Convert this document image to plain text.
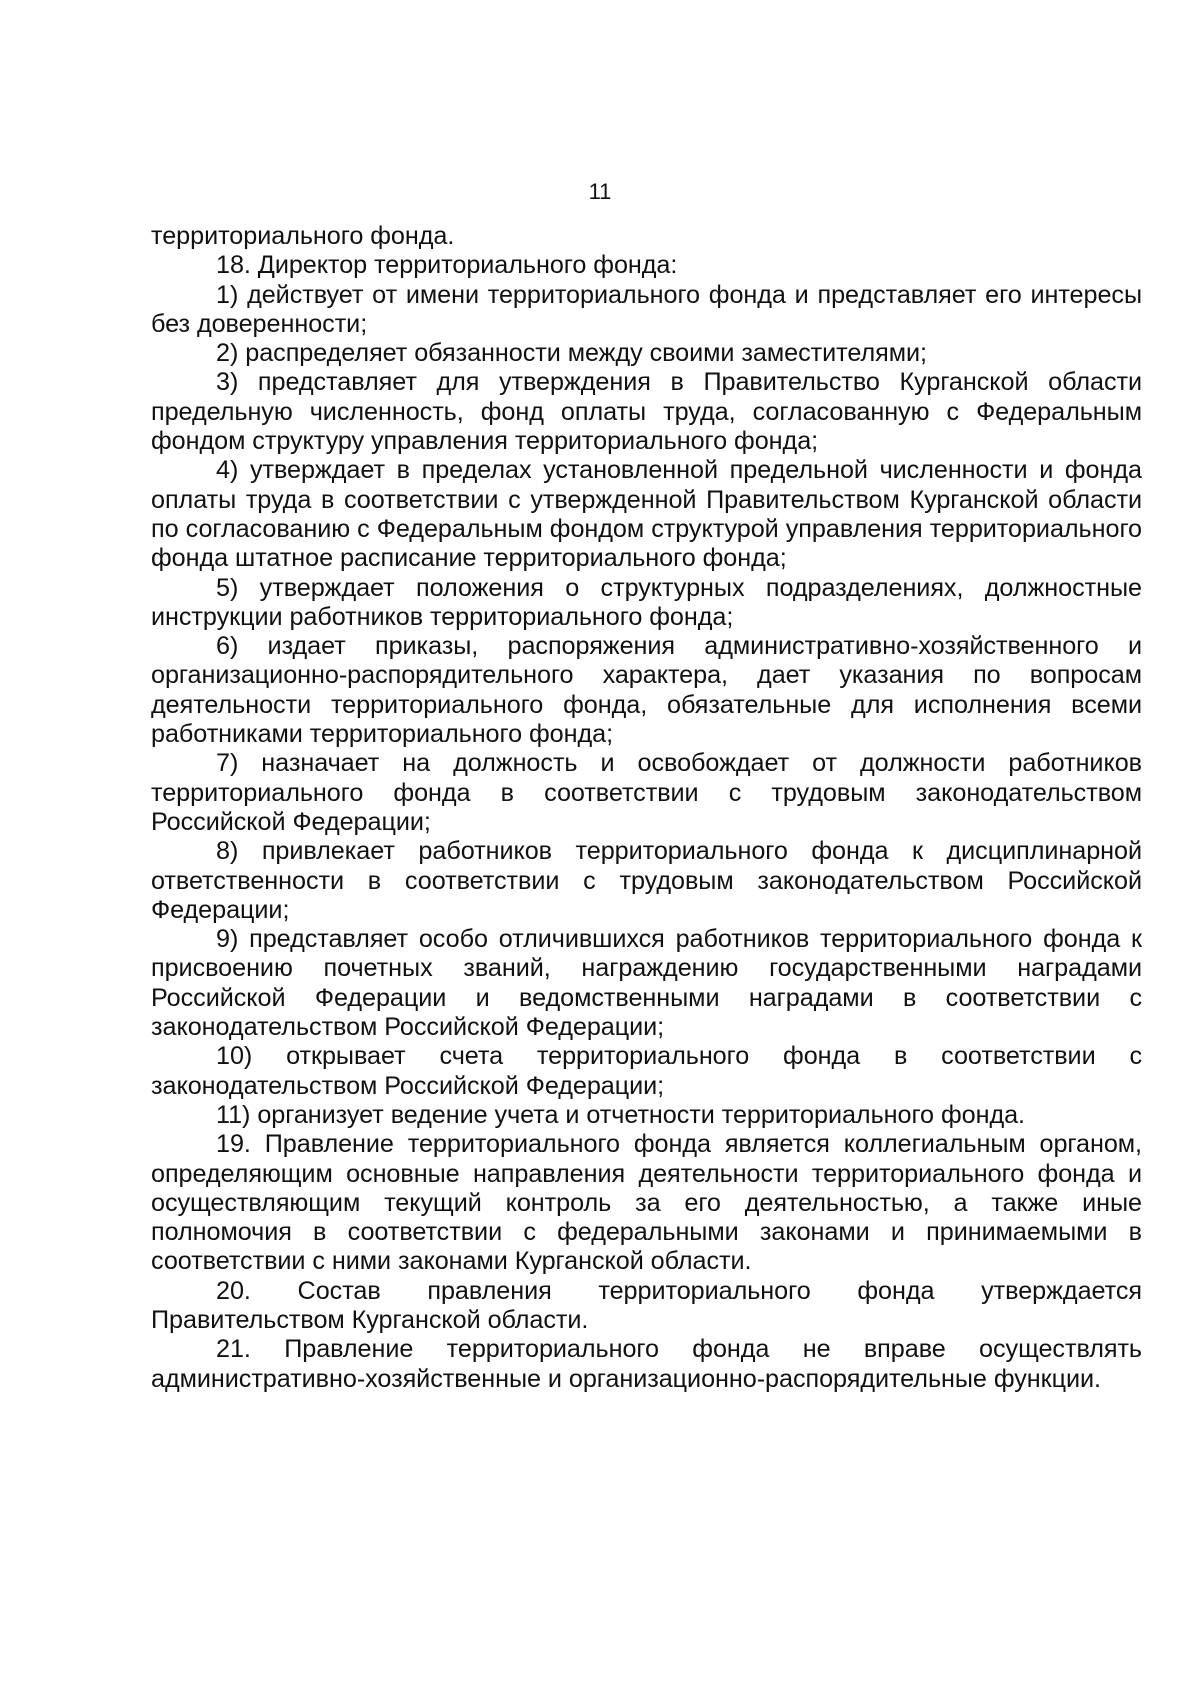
11

территориального фонда.

18. Директор территориального фонда:

1) действует от имени территориального фонда и представляет его интересы без доверенности;

2) распределяет обязанности между своими заместителями;

3) представляет для утверждения в Правительство Курганской области предельную численность, фонд оплаты труда, согласованную с Федеральным фондом структуру управления территориального фонда;

4) утверждает в пределах установленной предельной численности и фонда оплаты труда в соответствии с утвержденной Правительством Курганской области по согласованию с Федеральным фондом структурой управления территориального фонда штатное расписание территориального фонда;

5) утверждает положения о структурных подразделениях, должностные инструкции работников территориального фонда;

6) издает приказы, распоряжения административно-хозяйственного и организационно-распорядительного характера, дает указания по вопросам деятельности территориального фонда, обязательные для исполнения всеми работниками территориального фонда;

7) назначает на должность и освобождает от должности работников территориального фонда в соответствии с трудовым законодательством Российской Федерации;

8) привлекает работников территориального фонда к дисциплинарной ответственности в соответствии с трудовым законодательством Российской Федерации;

9) представляет особо отличившихся работников территориального фонда к присвоению почетных званий, награждению государственными наградами Российской Федерации и ведомственными наградами в соответствии с законодательством Российской Федерации;

10) открывает счета территориального фонда в соответствии с законодательством Российской Федерации;

11) организует ведение учета и отчетности территориального фонда.

19. Правление территориального фонда является коллегиальным органом, определяющим основные направления деятельности территориального фонда и осуществляющим текущий контроль за его деятельностью, а также иные полномочия в соответствии с федеральными законами и принимаемыми в соответствии с ними законами Курганской области.

20. Состав правления территориального фонда утверждается Правительством Курганской области.

21. Правление территориального фонда не вправе осуществлять административно-хозяйственные и организационно-распорядительные функции.
